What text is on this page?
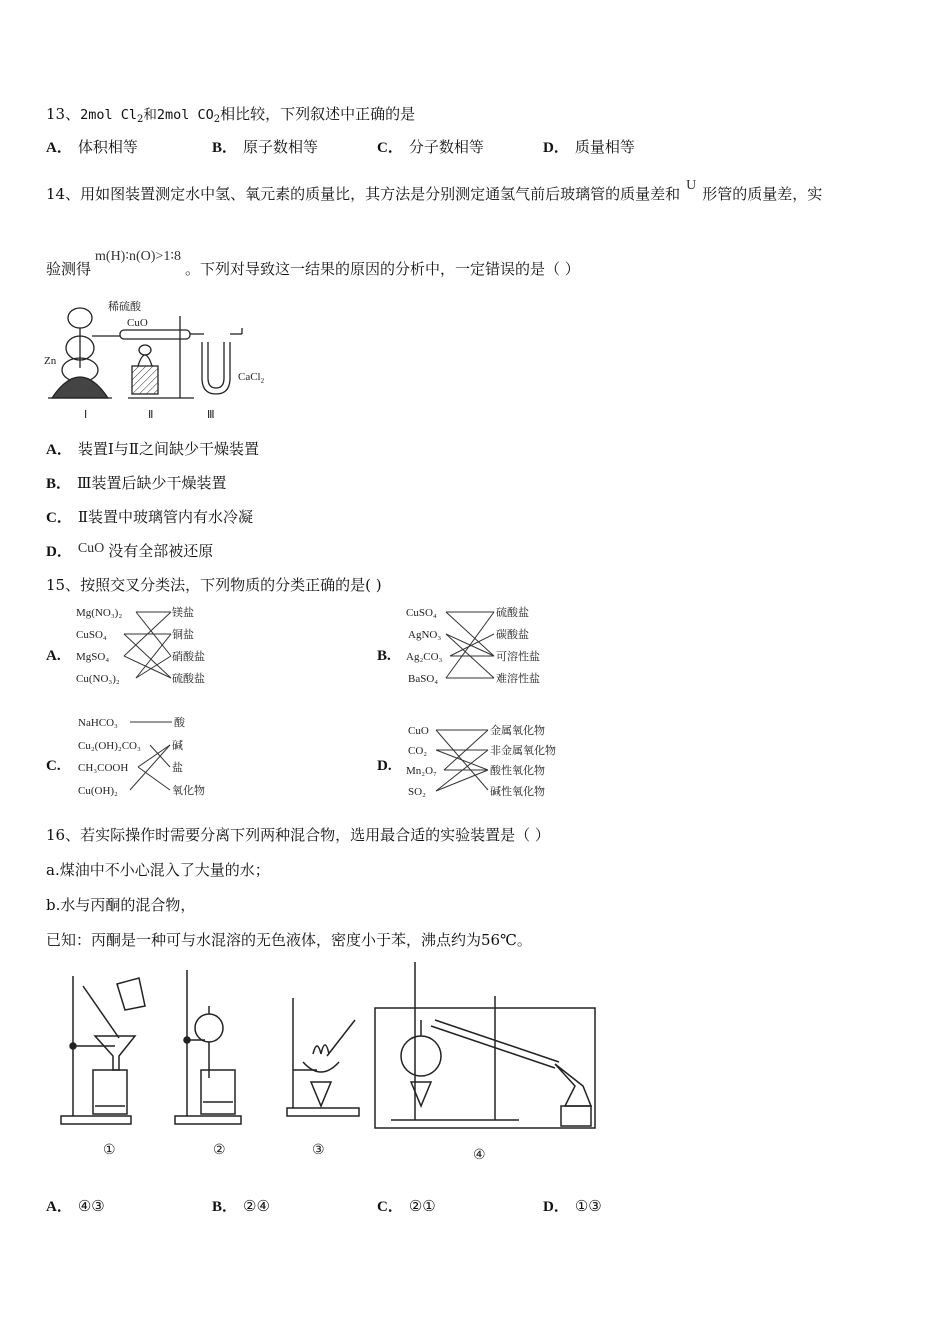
13、2mol $Cl_2$和2mol $CO_2$相比较，下列叙述中正确的是
A． 体积相等	B． 原子数相等	C． 分子数相等	D． 质量相等
14、用如图装置测定水中氢、氧元素的质量比，其方法是分别测定通氢气前后玻璃管的质量差和 U 形管的质量差，实
验测得m(H)∶n(O)>1∶8。下列对导致这一结果的原因的分析中，一定错误的是（ ）
稀硫酸
CuO
Zn
CaCl$_2$
Ⅰ	Ⅱ	Ⅲ
A． 装置Ⅰ与Ⅱ之间缺少干燥装置
B． Ⅲ装置后缺少干燥装置
C． Ⅱ装置中玻璃管内有水冷凝
D． CuO 没有全部被还原
15、按照交叉分类法，下列物质的分类正确的是( )
A.
Mg(NO₃)₂
CuSO₄
MgSO₄
Cu(NO₃)₂
镁盐
铜盐
硝酸盐
硫酸盐
B.
CuSO₄
AgNO₃
Ag₂CO₃
BaSO₄
硫酸盐
碳酸盐
可溶性盐
难溶性盐
C.
NaHCO₃
Cu₂(OH)₂CO₃
CH₃COOH
Cu(OH)₂
酸
碱
盐
氧化物
D.
CuO
CO₂
Mn₂O₇
SO₂
金属氧化物
非金属氧化物
酸性氧化物
碱性氧化物
16、若实际操作时需要分离下列两种混合物，选用最合适的实验装置是（ ）
a.煤油中不小心混入了大量的水；
b.水与丙酮的混合物，
已知：丙酮是一种可与水混溶的无色液体，密度小于苯，沸点约为56℃。
①	②	③	④
A． ④③	B． ②④	C． ②①	D． ①③
